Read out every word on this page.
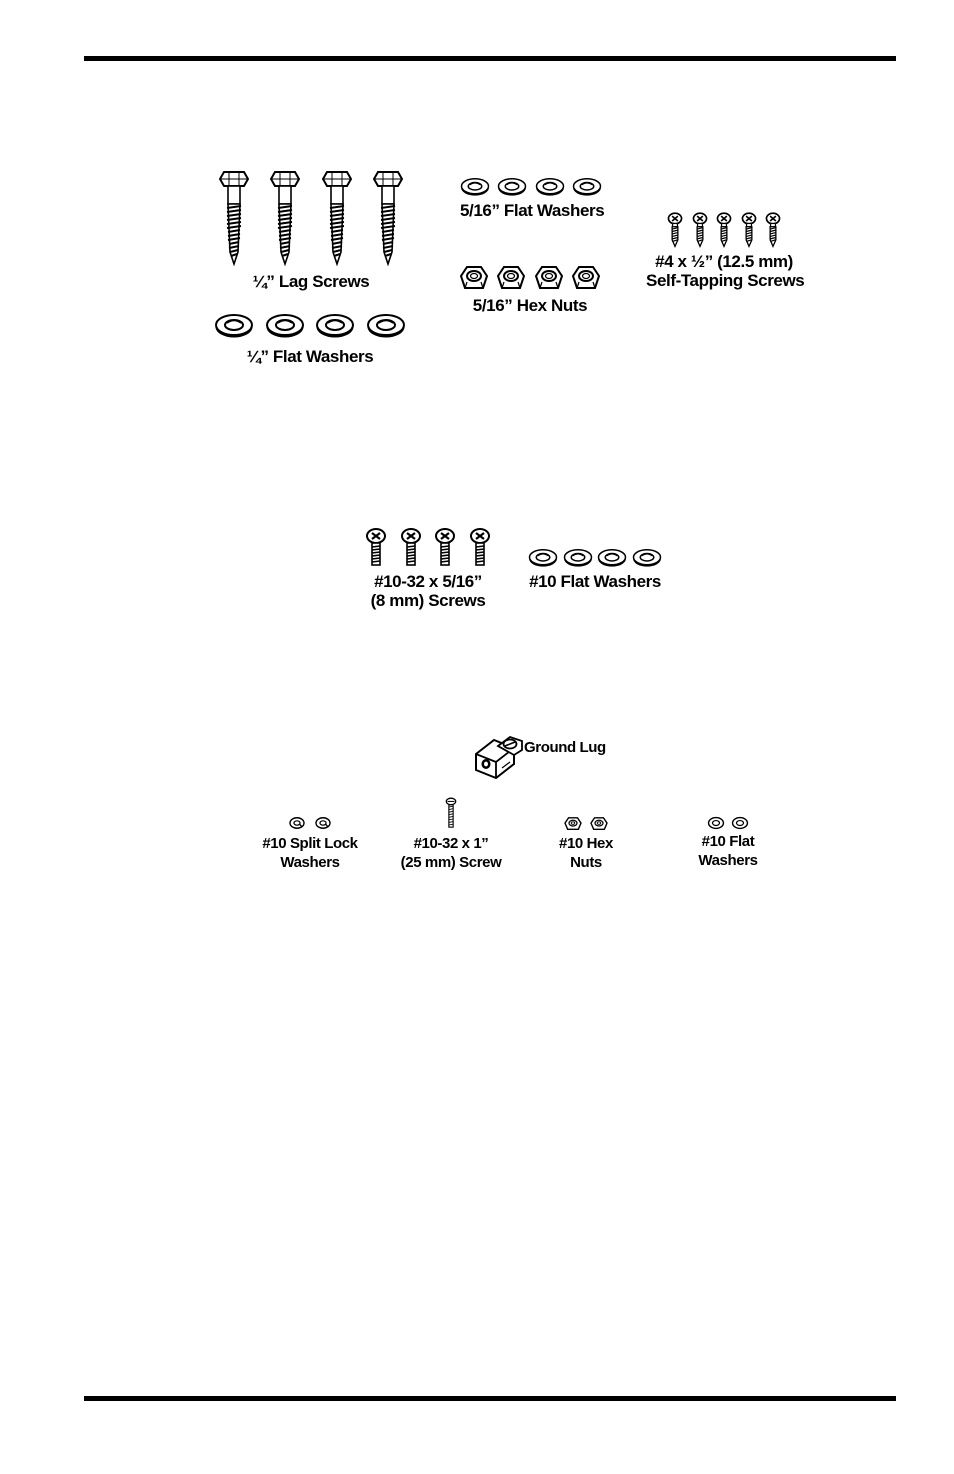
¼” Lag Screws
¼” Flat Washers
5/16” Flat Washers
5/16” Hex Nuts
#4 x ½” (12.5 mm)
Self-Tapping Screws
#10-32 x 5/16”
(8 mm) Screws
#10 Flat Washers
Ground Lug
#10 Split Lock
Washers
#10-32 x 1”
(25 mm) Screw
#10 Hex
Nuts
#10 Flat
Washers
